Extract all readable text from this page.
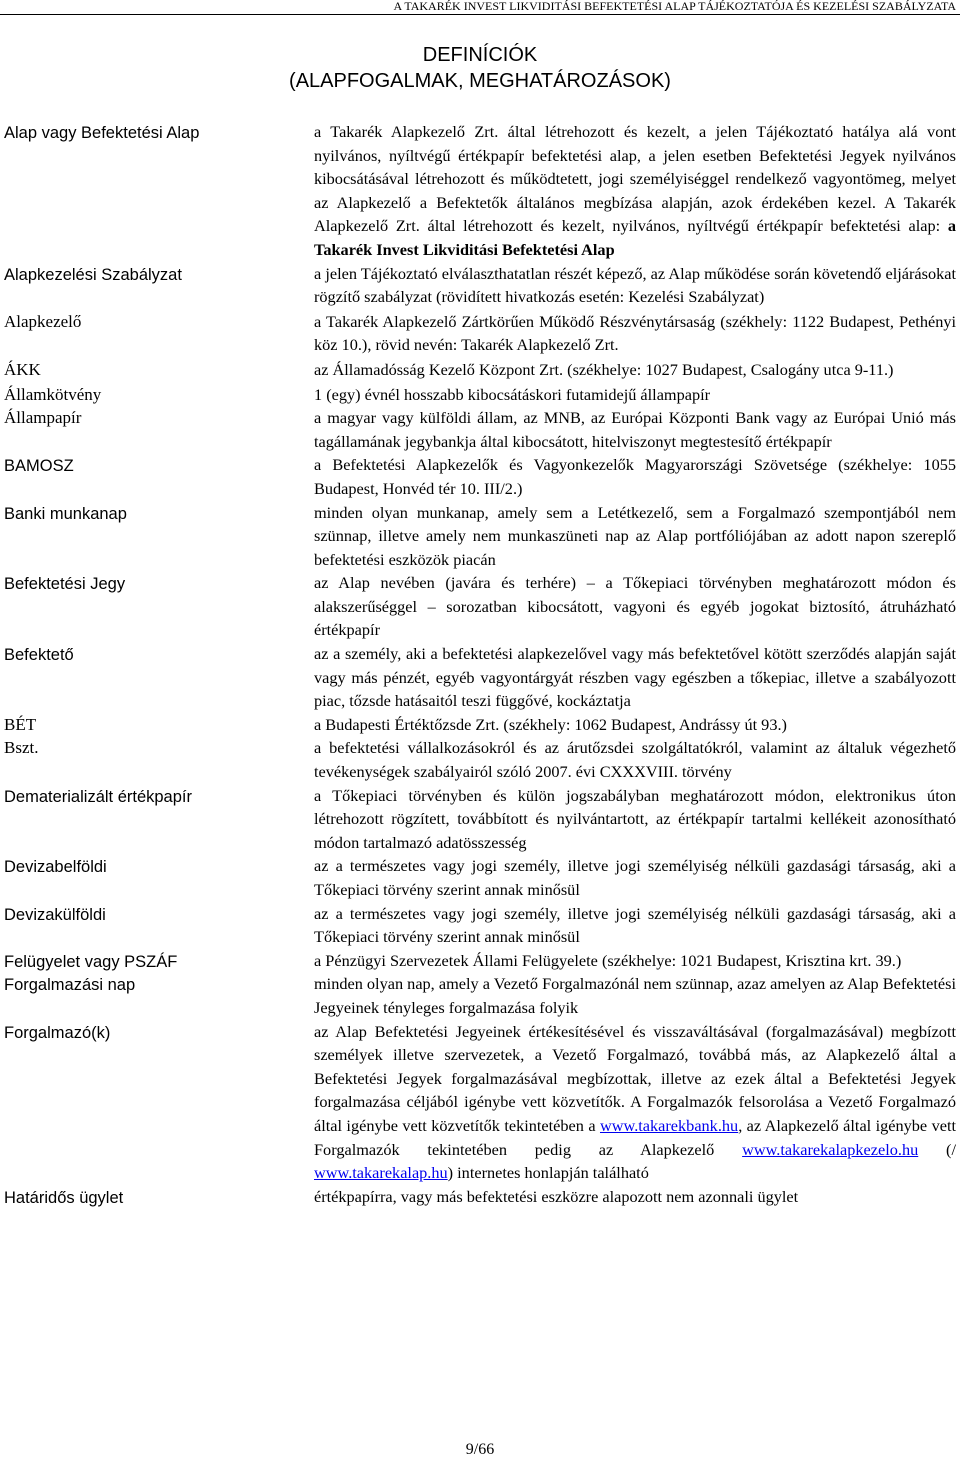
A TAKARÉK INVEST LIKVIDITÁSI BEFEKTETÉSI ALAP TÁJÉKOZTATÓJA ÉS KEZELÉSI SZABÁLYZATA
DEFINÍCIÓK
(ALAPFOGALMAK, MEGHATÁROZÁSOK)
Alap vagy Befektetési Alap	a Takarék Alapkezelő Zrt. által létrehozott és kezelt, a jelen Tájékoztató hatálya alá vont nyilvános, nyíltvégű értékpapír befektetési alap, a jelen esetben Befektetési Jegyek nyilvános kibocsátásával létrehozott és működtetett, jogi személyiséggel rendelkező vagyontömeg, melyet az Alapkezelő a Befektetők általános megbízása alapján, azok érdekében kezel. A Takarék Alapkezelő Zrt. által létrehozott és kezelt, nyilvános, nyíltvégű értékpapír befektetési alap: a Takarék Invest Likviditási Befektetési Alap
Alapkezelési Szabályzat	a jelen Tájékoztató elválaszthatatlan részét képező, az Alap működése során követendő eljárásokat rögzítő szabályzat (rövidített hivatkozás esetén: Kezelési Szabályzat)
Alapkezelő	a Takarék Alapkezelő Zártkörűen Működő Részvénytársaság (székhely: 1122 Budapest, Pethényi köz 10.), rövid nevén: Takarék Alapkezelő Zrt.
ÁKK	az Államadósság Kezelő Központ Zrt. (székhelye: 1027 Budapest, Csalogány utca 9-11.)
Államkötvény	1 (egy) évnél hosszabb kibocsátáskori futamidejű állampapír
Állampapír	a magyar vagy külföldi állam, az MNB, az Európai Központi Bank vagy az Európai Unió más tagállamának jegybankja által kibocsátott, hitelviszonyt megtestesítő értékpapír
BAMOSZ	a Befektetési Alapkezelők és Vagyonkezelők Magyarországi Szövetsége (székhelye: 1055 Budapest, Honvéd tér 10. III/2.)
Banki munkanap	minden olyan munkanap, amely sem a Letétkezelő, sem a Forgalmazó szempontjából nem szünnap, illetve amely nem munkaszüneti nap az Alap portfóliójában az adott napon szereplő befektetési eszközök piacán
Befektetési Jegy	az Alap nevében (javára és terhére) – a Tőkepiaci törvényben meghatározott módon és alakszerűséggel – sorozatban kibocsátott, vagyoni és egyéb jogokat biztosító, átruházható értékpapír
Befektető	az a személy, aki a befektetési alapkezelővel vagy más befektetővel kötött szerződés alapján saját vagy más pénzét, egyéb vagyontárgyát részben vagy egészben a tőkepiac, illetve a szabályozott piac, tőzsde hatásaitól teszi függővé, kockáztatja
BÉT	a Budapesti Értéktőzsde Zrt. (székhely: 1062 Budapest, Andrássy út 93.)
Bszt.	a befektetési vállalkozásokról és az árutőzsdei szolgáltatókról, valamint az általuk végezhető tevékenységek szabályairól szóló 2007. évi CXXXVIII. törvény
Dematerializált értékpapír	a Tőkepiaci törvényben és külön jogszabályban meghatározott módon, elektronikus úton létrehozott rögzített, továbbított és nyilvántartott, az értékpapír tartalmi kellékeit azonosítható módon tartalmazó adatösszesség
Devizabelföldi	az a természetes vagy jogi személy, illetve jogi személyiség nélküli gazdasági társaság, aki a Tőkepiaci törvény szerint annak minősül
Devizakülföldi	az a természetes vagy jogi személy, illetve jogi személyiség nélküli gazdasági társaság, aki a Tőkepiaci törvény szerint annak minősül
Felügyelet vagy PSZÁF	a Pénzügyi Szervezetek Állami Felügyelete (székhelye: 1021 Budapest, Krisztina krt. 39.)
Forgalmazási nap	minden olyan nap, amely a Vezető Forgalmazónál nem szünnap, azaz amelyen az Alap Befektetési Jegyeinek tényleges forgalmazása folyik
Forgalmazó(k)	az Alap Befektetési Jegyeinek értékesítésével és visszaváltásával (forgalmazásával) megbízott személyek illetve szervezetek, a Vezető Forgalmazó, továbbá más, az Alapkezelő által a Befektetési Jegyek forgalmazásával megbízottak, illetve az ezek által a Befektetési Jegyek forgalmazása céljából igénybe vett közvetítők. A Forgalmazók felsorolása a Vezető Forgalmazó által igénybe vett közvetítők tekintetében a www.takarekbank.hu, az Alapkezelő által igénybe vett Forgalmazók tekintetében pedig az Alapkezelő www.takarekalapkezelo.hu (/ www.takarekalap.hu) internetes honlapján található
Határidős ügylet	értékpapírra, vagy más befektetési eszközre alapozott nem azonnali ügylet
9/66
